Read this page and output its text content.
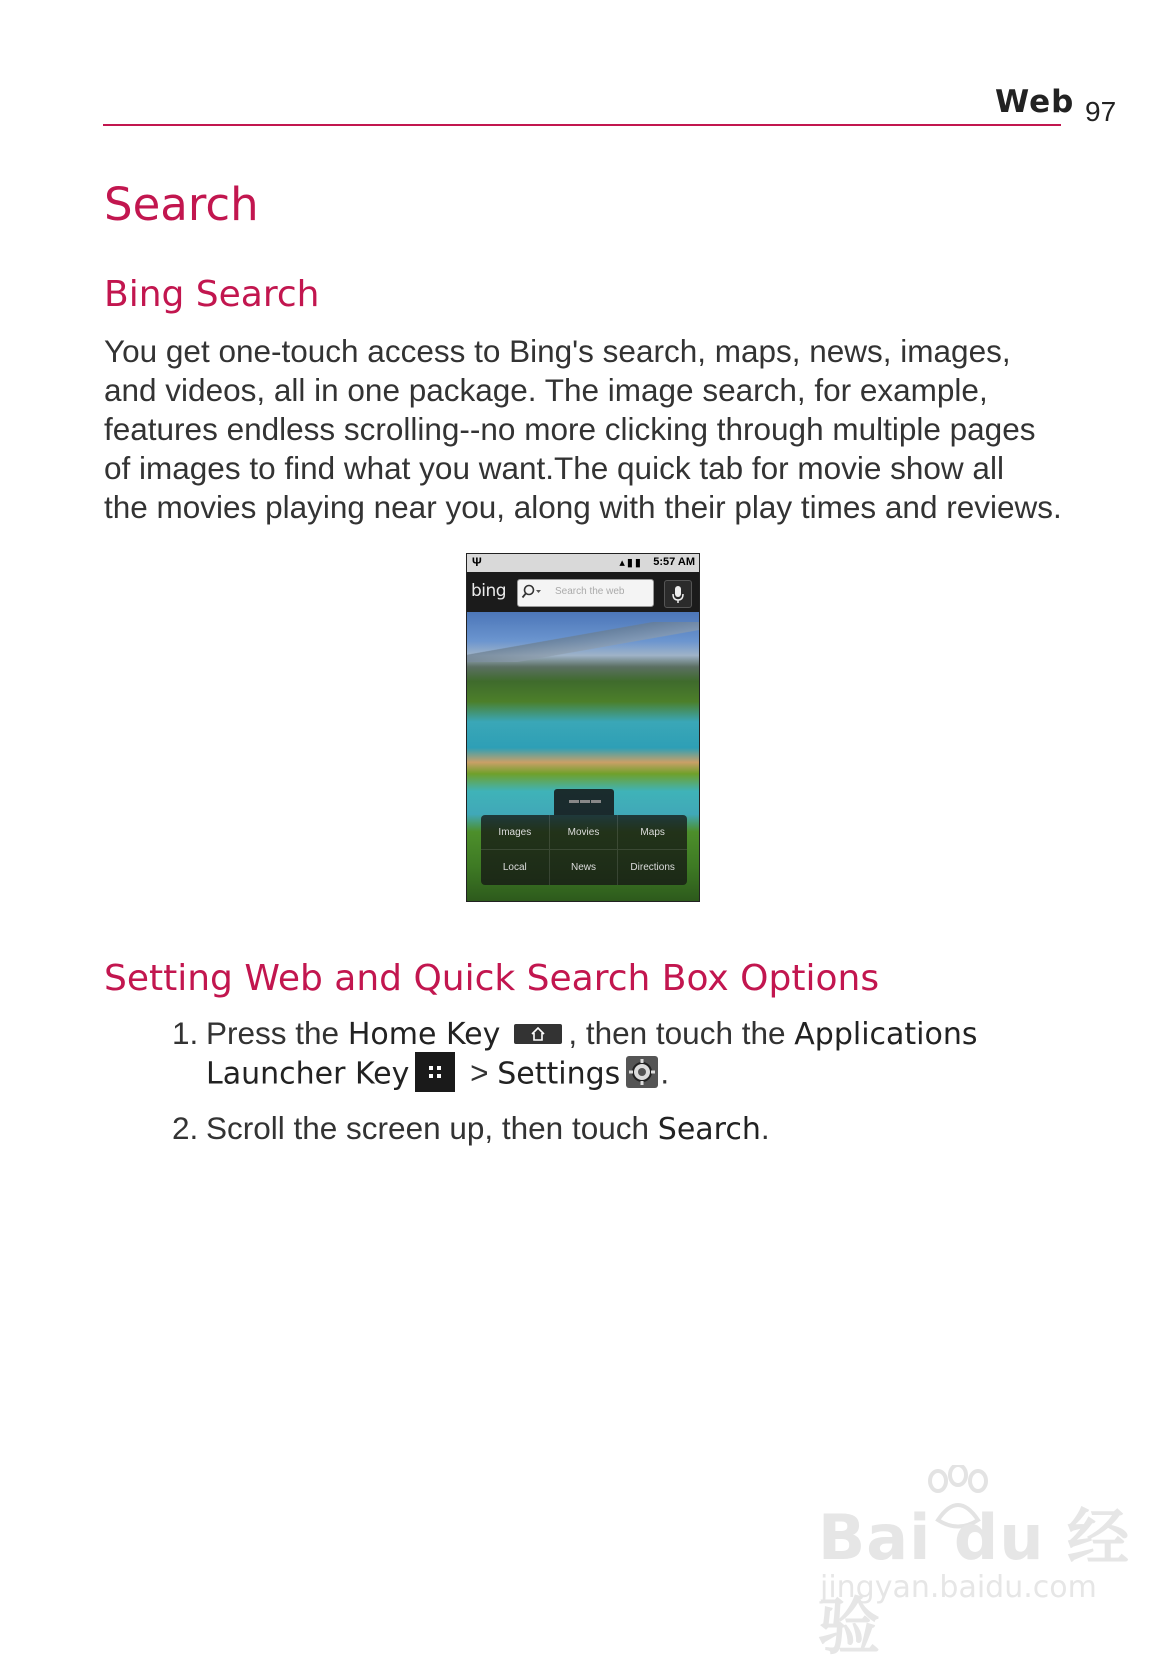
Web 97
Search
Bing Search
You get one-touch access to Bing's search, maps, news, images,
and videos, all in one package. The image search, for example,
features endless scrolling--no more clicking through multiple pages
of images to find what you want.The quick tab for movie show all
the movies playing near you, along with their play times and reviews.
Ψ	▴▮▮ 5:57 AM
bing	Search the web
▬▬▬
Images	Movies	Maps
Local	News	Directions
Setting Web and Quick Search Box Options
1. Press the Home Key , then touch the Applications
Launcher Key > Settings .
2. Scroll the screen up, then touch Search.
Bai du 经验
jingyan.baidu.com
